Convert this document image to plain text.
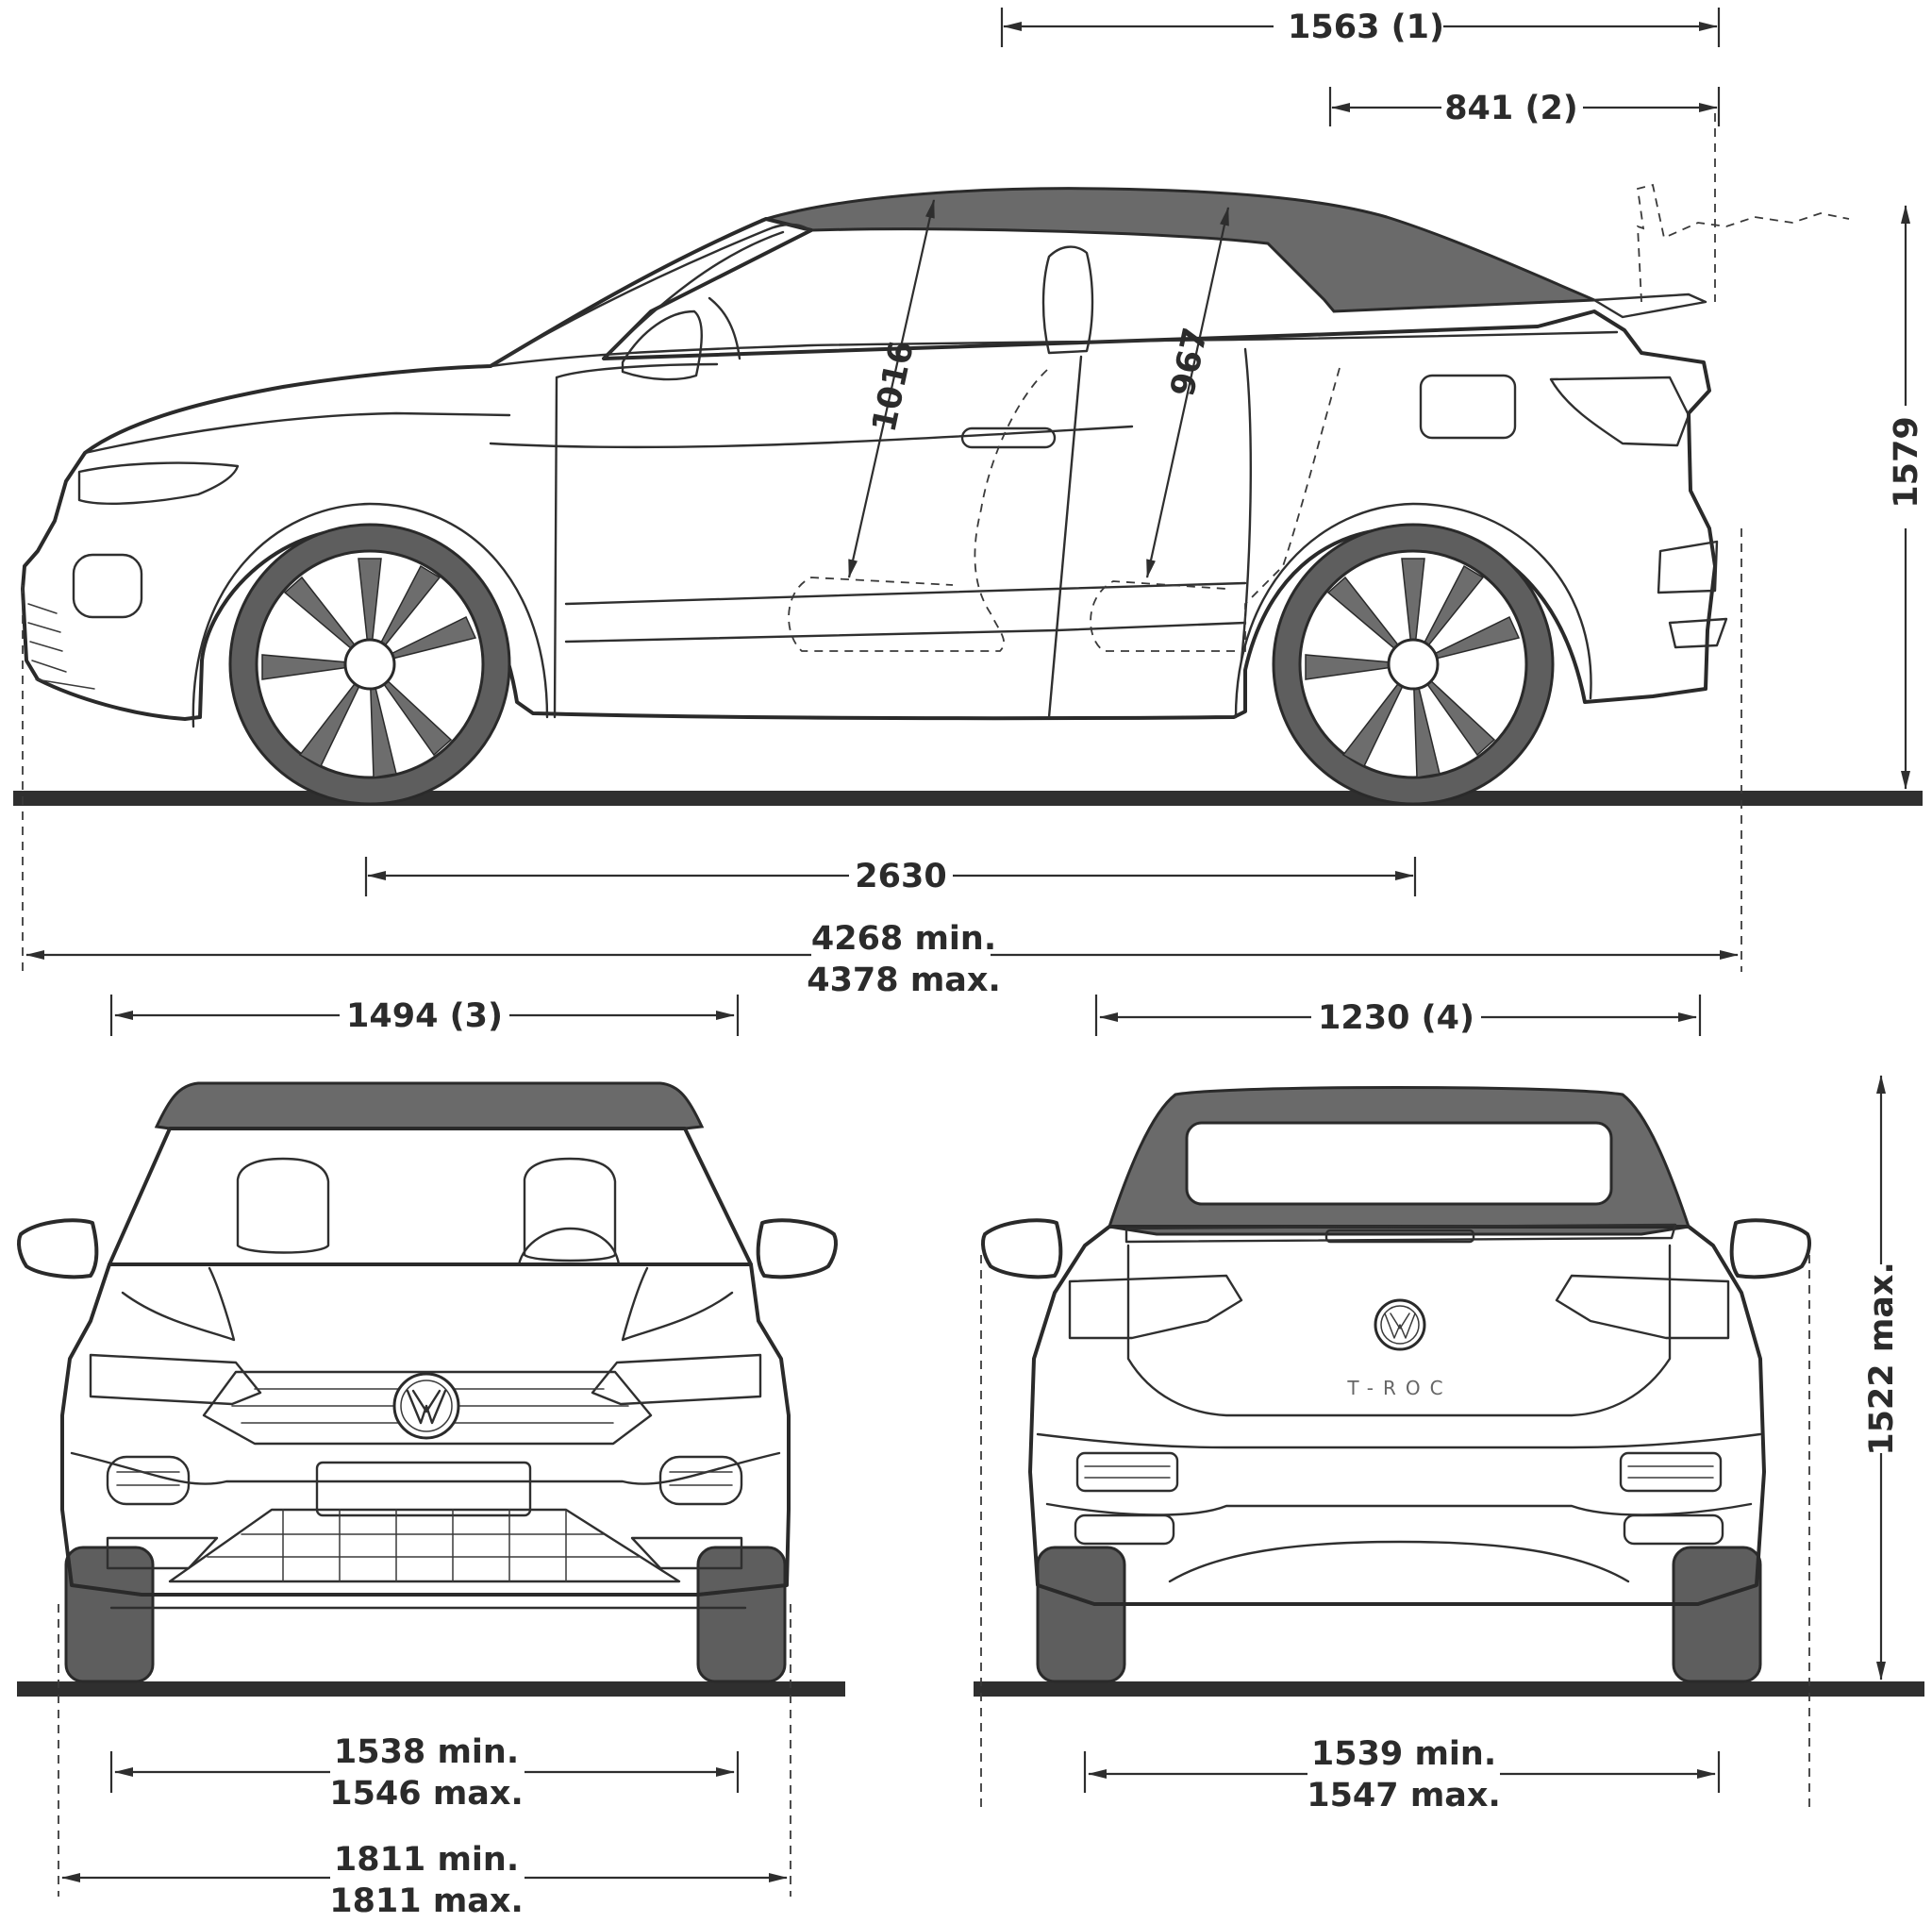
1563 (1)
841 (2)
1016	967
1579
2630
4268 min.
4378 max.
1494 (3)
1538 min.
1546 max.
1811 min.
1811 max.
T-ROC
1230 (4)
1522 max.
1539 min.
1547 max.
